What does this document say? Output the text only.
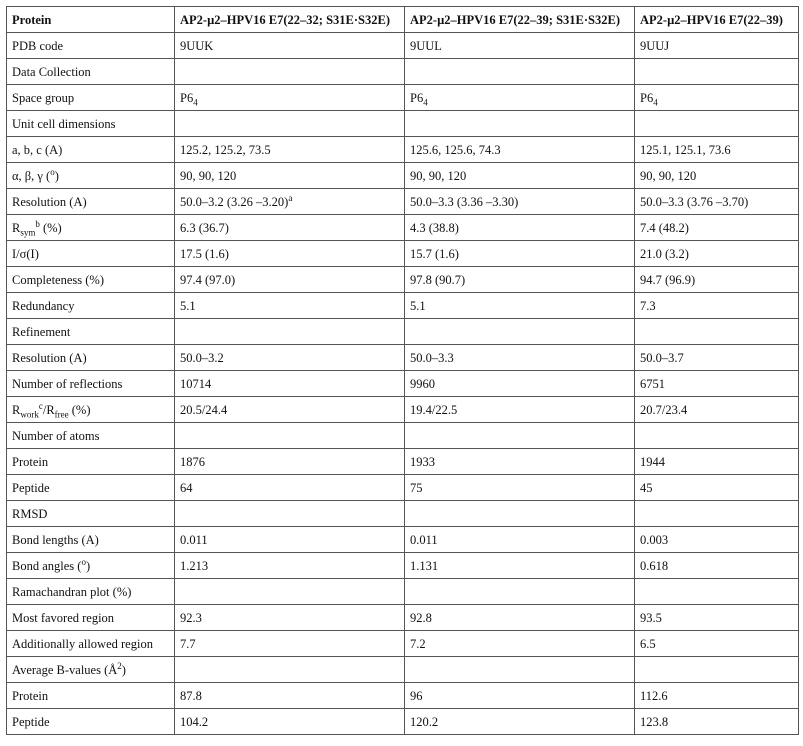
Protein	AP2-µ2–HPV16 E7(22–32; S31E·S32E)	AP2-µ2–HPV16 E7(22–39; S31E·S32E)	AP2-µ2–HPV16 E7(22–39)
PDB code	9UUK	9UUL	9UUJ
Data Collection			
Space group	$P6_4$	$P6_4$	$P6_4$
Unit cell dimensions			
a, b, c (A)	125.2, 125.2, 73.5	125.6, 125.6, 74.3	125.1, 125.1, 73.6
α, β, γ ($^o$)	90, 90, 120	90, 90, 120	90, 90, 120
Resolution (A)	50.0–3.2 (3.26 –3.20)$^a$	50.0–3.3 (3.36 –3.30)	50.0–3.3 (3.76 –3.70)
$R_{sym}^b$ (%)	6.3 (36.7)	4.3 (38.8)	7.4 (48.2)
I/σ(I)	17.5 (1.6)	15.7 (1.6)	21.0 (3.2)
Completeness (%)	97.4 (97.0)	97.8 (90.7)	94.7 (96.9)
Redundancy	5.1	5.1	7.3
Refinement			
Resolution (A)	50.0–3.2	50.0–3.3	50.0–3.7
Number of reflections	10714	9960	6751
$R_{work}^c/R_{free}$ (%)	20.5/24.4	19.4/22.5	20.7/23.4
Number of atoms			
Protein	1876	1933	1944
Peptide	64	75	45
RMSD			
Bond lengths (A)	0.011	0.011	0.003
Bond angles ($^o$)	1.213	1.131	0.618
Ramachandran plot (%)			
Most favored region	92.3	92.8	93.5
Additionally allowed region	7.7	7.2	6.5
Average B-values $(Å^2)$			
Protein	87.8	96	112.6
Peptide	104.2	120.2	123.8
